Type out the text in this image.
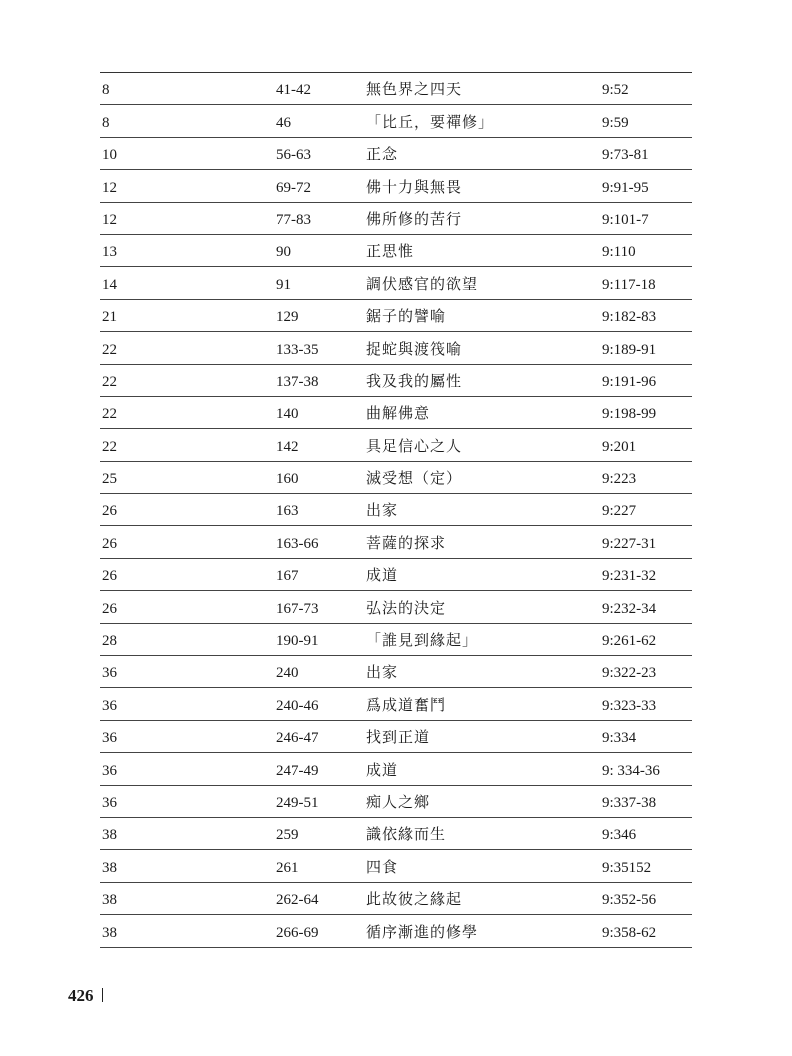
8	41-42	無色界之四天	9:52
8	46	「比丘，要禪修」	9:59
10	56-63	正念	9:73-81
12	69-72	佛十力與無畏	9:91-95
12	77-83	佛所修的苦行	9:101-7
13	90	正思惟	9:110
14	91	調伏感官的欲望	9:117-18
21	129	鋸子的譬喻	9:182-83
22	133-35	捉蛇與渡筏喻	9:189-91
22	137-38	我及我的屬性	9:191-96
22	140	曲解佛意	9:198-99
22	142	具足信心之人	9:201
25	160	滅受想（定）	9:223
26	163	出家	9:227
26	163-66	菩薩的探求	9:227-31
26	167	成道	9:231-32
26	167-73	弘法的決定	9:232-34
28	190-91	「誰見到緣起」	9:261-62
36	240	出家	9:322-23
36	240-46	爲成道奮鬥	9:323-33
36	246-47	找到正道	9:334
36	247-49	成道	9: 334-36
36	249-51	痴人之鄉	9:337-38
38	259	識依緣而生	9:346
38	261	四食	9:35152
38	262-64	此故彼之緣起	9:352-56
38	266-69	循序漸進的修學	9:358-62
426
